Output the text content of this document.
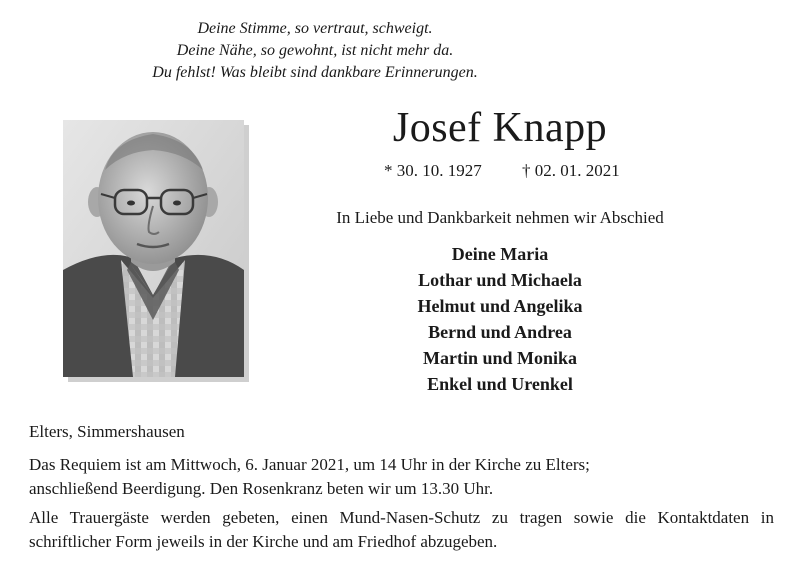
Deine Stimme, so vertraut, schweigt.
Deine Nähe, so gewohnt, ist nicht mehr da.
Du fehlst! Was bleibt sind dankbare Erinnerungen.
Josef Knapp
* 30. 10. 1927 † 02. 01. 2021
In Liebe und Dankbarkeit nehmen wir Abschied
Deine Maria
Lothar und Michaela
Helmut und Angelika
Bernd und Andrea
Martin und Monika
Enkel und Urenkel
Elters, Simmershausen
Das Requiem ist am Mittwoch, 6. Januar 2021, um 14 Uhr in der Kirche zu Elters;
anschließend Beerdigung. Den Rosenkranz beten wir um 13.30 Uhr.
Alle Trauergäste werden gebeten, einen Mund-Nasen-Schutz zu tragen sowie die Kontaktdaten in schriftlicher Form jeweils in der Kirche und am Friedhof abzugeben.
